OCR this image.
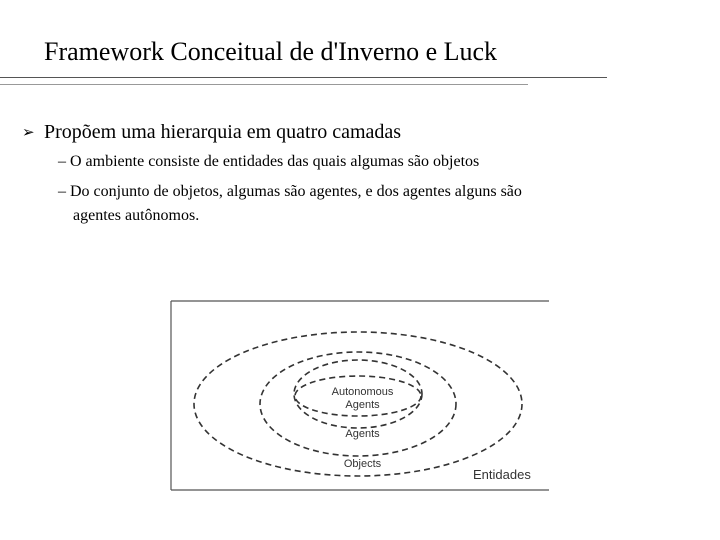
Framework Conceitual de d'Inverno e Luck
➢ Propõem uma hierarquia em quatro camadas
– O ambiente consiste de entidades das quais algumas são objetos
– Do conjunto de objetos, algumas são agentes, e dos agentes alguns são
agentes autônomos.
Autonomous
Agents
Agents
Objects
Entidades
